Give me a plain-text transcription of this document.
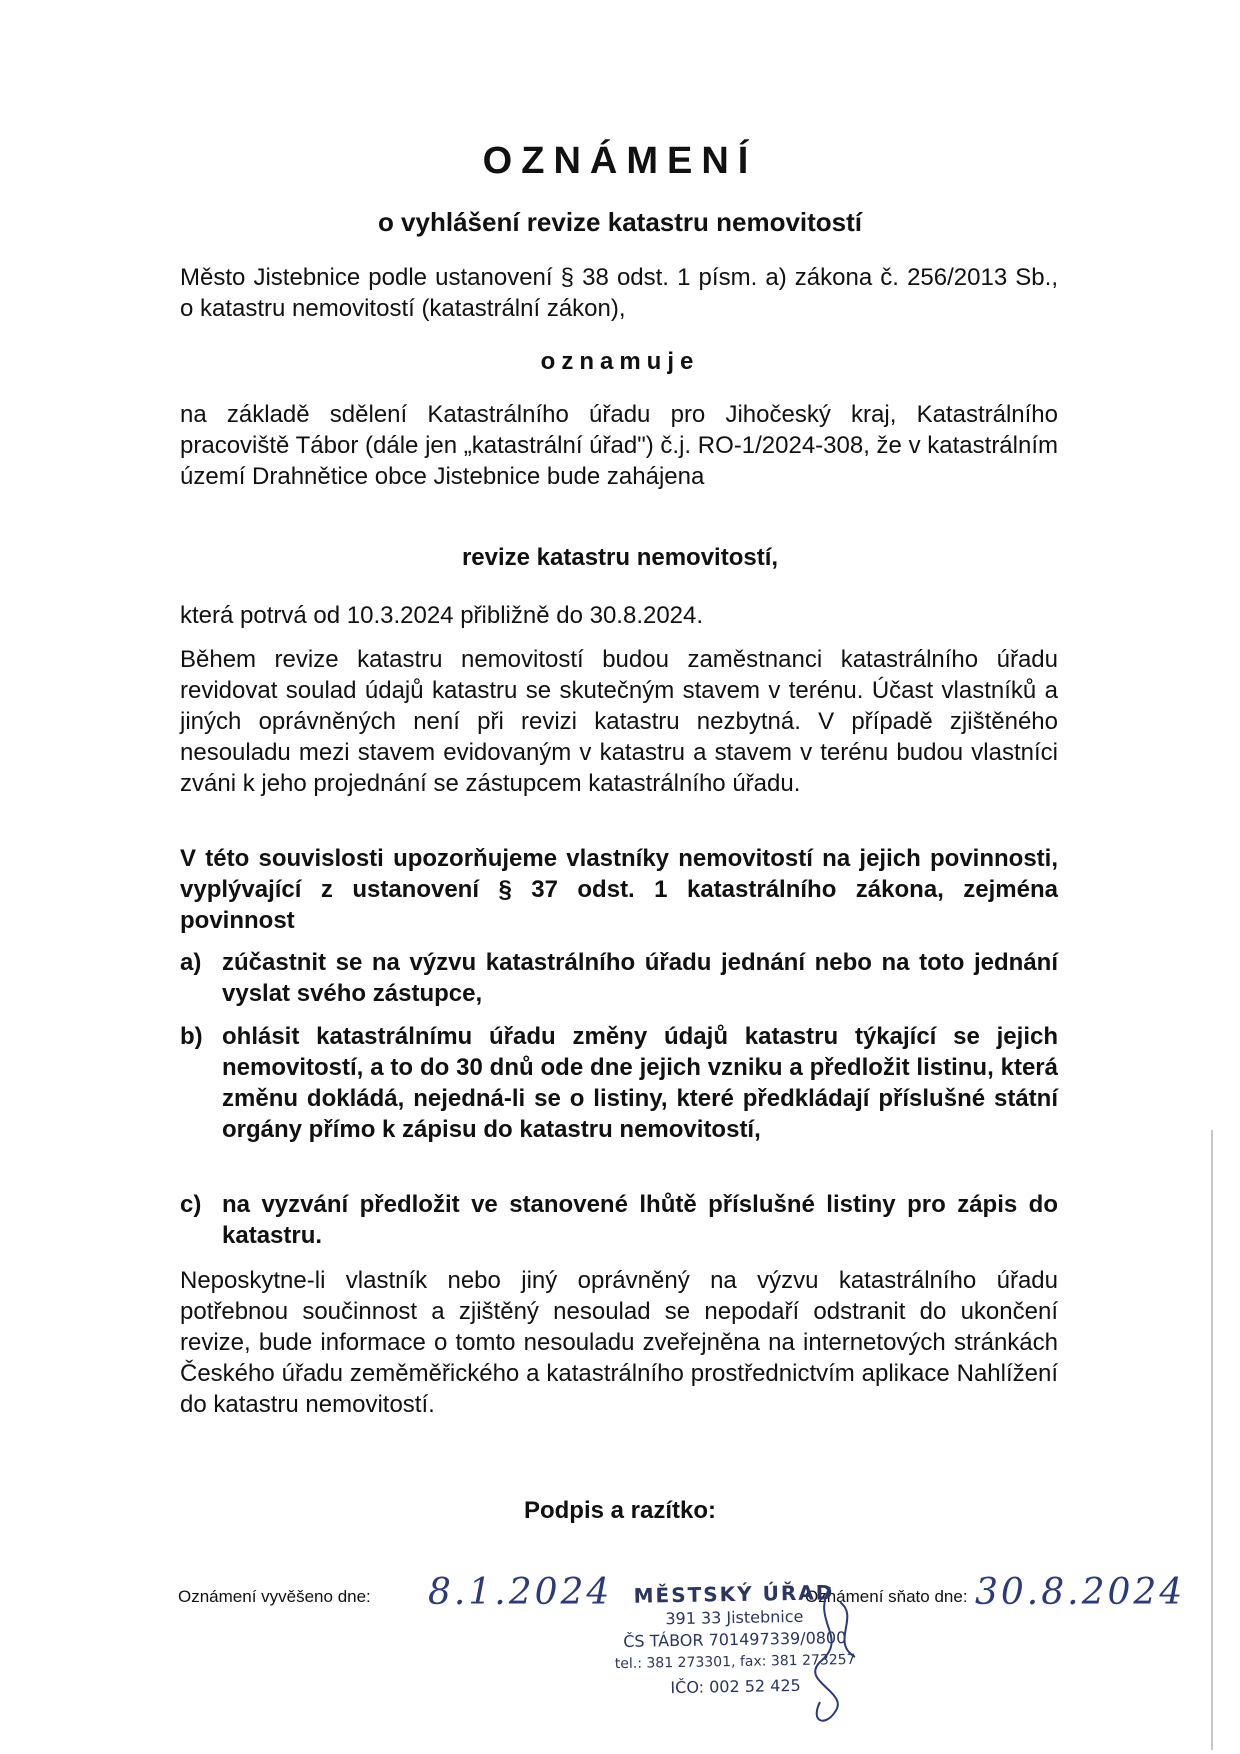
OZNÁMENÍ
o vyhlášení revize katastru nemovitostí

Město Jistebnice podle ustanovení § 38 odst. 1 písm. a) zákona č. 256/2013 Sb., o katastru nemovitostí (katastrální zákon),

oznamuje

na základě sdělení Katastrálního úřadu pro Jihočeský kraj, Katastrálního pracoviště Tábor (dále jen „katastrální úřad") č.j. RO-1/2024-308, že v katastrálním území Drahnětice obce Jistebnice bude zahájena

revize katastru nemovitostí,

která potrvá od 10.3.2024 přibližně do 30.8.2024.

Během revize katastru nemovitostí budou zaměstnanci katastrálního úřadu revidovat soulad údajů katastru se skutečným stavem v terénu. Účast vlastníků a jiných oprávněných není při revizi katastru nezbytná. V případě zjištěného nesouladu mezi stavem evidovaným v katastru a stavem v terénu budou vlastníci zváni k jeho projednání se zástupcem katastrálního úřadu.

V této souvislosti upozorňujeme vlastníky nemovitostí na jejich povinnosti, vyplývající z ustanovení § 37 odst. 1 katastrálního zákona, zejména povinnost

a) zúčastnit se na výzvu katastrálního úřadu jednání nebo na toto jednání vyslat svého zástupce,
b) ohlásit katastrálnímu úřadu změny údajů katastru týkající se jejich nemovitostí, a to do 30 dnů ode dne jejich vzniku a předložit listinu, která změnu dokládá, nejedná-li se o listiny, které předkládají příslušné státní orgány přímo k zápisu do katastru nemovitostí,
c) na vyzvání předložit ve stanovené lhůtě příslušné listiny pro zápis do katastru.

Neposkytne-li vlastník nebo jiný oprávněný na výzvu katastrálního úřadu potřebnou součinnost a zjištěný nesoulad se nepodaří odstranit do ukončení revize, bude informace o tomto nesouladu zveřejněna na internetových stránkách Českého úřadu zeměměřického a katastrálního prostřednictvím aplikace Nahlížení do katastru nemovitostí.

Podpis a razítko:
Oznámení vyvěšeno dne: 8.1.2024	Oznámení sňato dne: 30.8.2024
MĚSTSKÝ ÚŘAD
391 33 Jistebnice
ČS TÁBOR 701497339/0800
tel.: 381 273301, fax: 381 273257
IČO: 002 52 425
